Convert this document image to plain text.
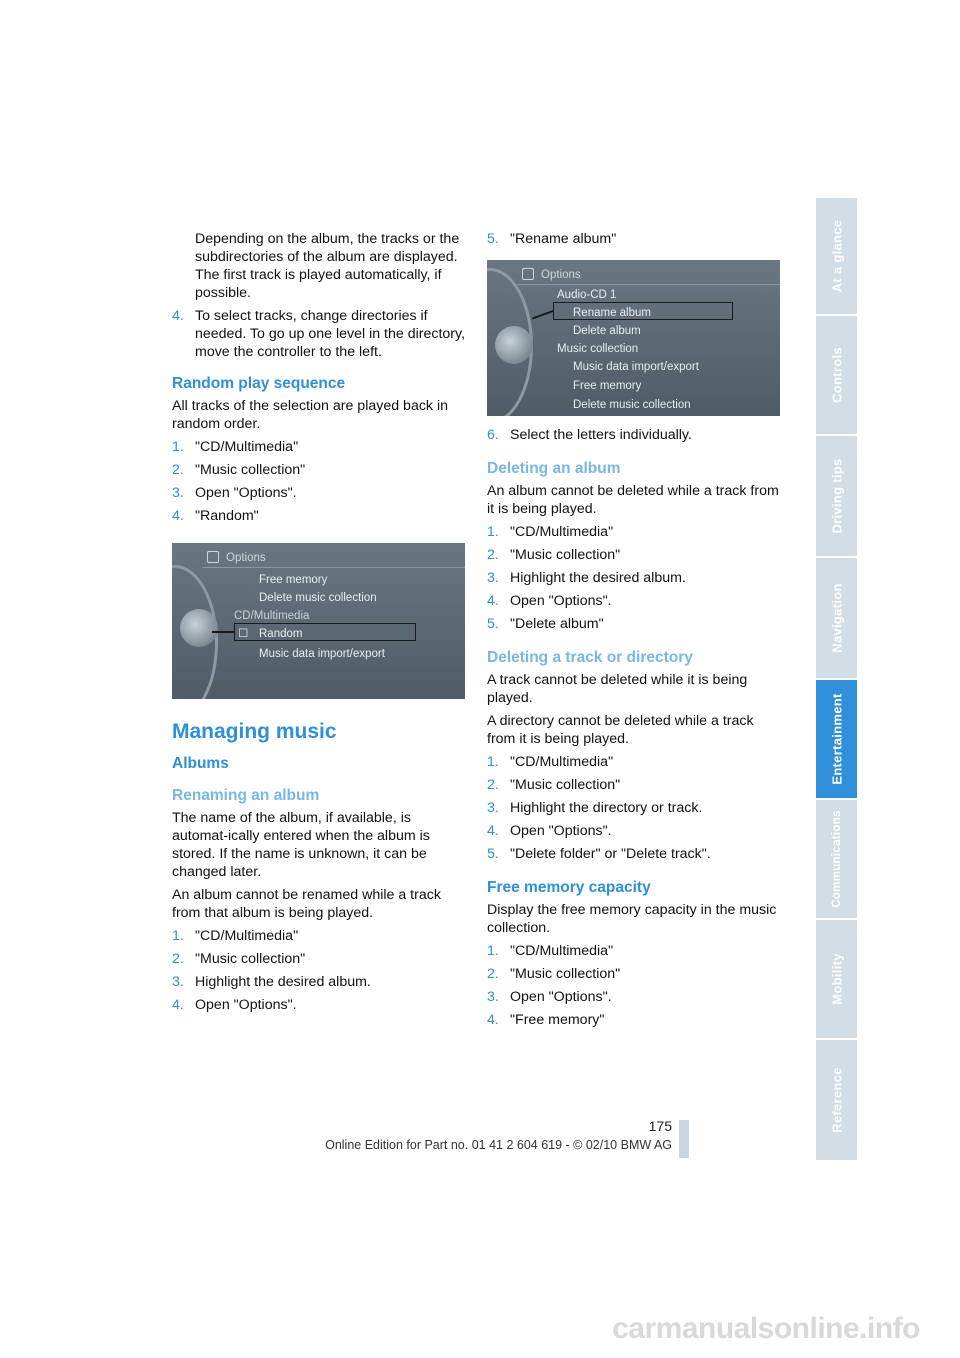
At a glance
Controls
Driving tips
Navigation
Entertainment
Communications
Mobility
Reference

Depending on the album, the tracks or the subdirectories of the album are displayed. The first track is played automatically, if possible.

4. To select tracks, change directories if needed. To go up one level in the directory, move the controller to the left.
Random play sequence

All tracks of the selection are played back in random order.

1. "CD/Multimedia"
2. "Music collection"
3. Open "Options".
4. "Random"
Options
Free memory
Delete music collection
CD/Multimedia
☐ Random
Music data import/export
Managing music
Albums
Renaming an album

The name of the album, if available, is automat-ically entered when the album is stored. If the name is unknown, it can be changed later.

An album cannot be renamed while a track from that album is being played.

1. "CD/Multimedia"
2. "Music collection"
3. Highlight the desired album.
4. Open "Options".
5. "Rename album"
Options
Audio-CD 1
Rename album
Delete album
Music collection
Music data import/export
Free memory
Delete music collection
6. Select the letters individually.
Deleting an album

An album cannot be deleted while a track from it is being played.

1. "CD/Multimedia"
2. "Music collection"
3. Highlight the desired album.
4. Open "Options".
5. "Delete album"
Deleting a track or directory

A track cannot be deleted while it is being played.

A directory cannot be deleted while a track from it is being played.

1. "CD/Multimedia"
2. "Music collection"
3. Highlight the directory or track.
4. Open "Options".
5. "Delete folder" or "Delete track".
Free memory capacity

Display the free memory capacity in the music collection.

1. "CD/Multimedia"
2. "Music collection"
3. Open "Options".
4. "Free memory"
175
Online Edition for Part no. 01 41 2 604 619 - © 02/10 BMW AG
carmanualsonline.info
